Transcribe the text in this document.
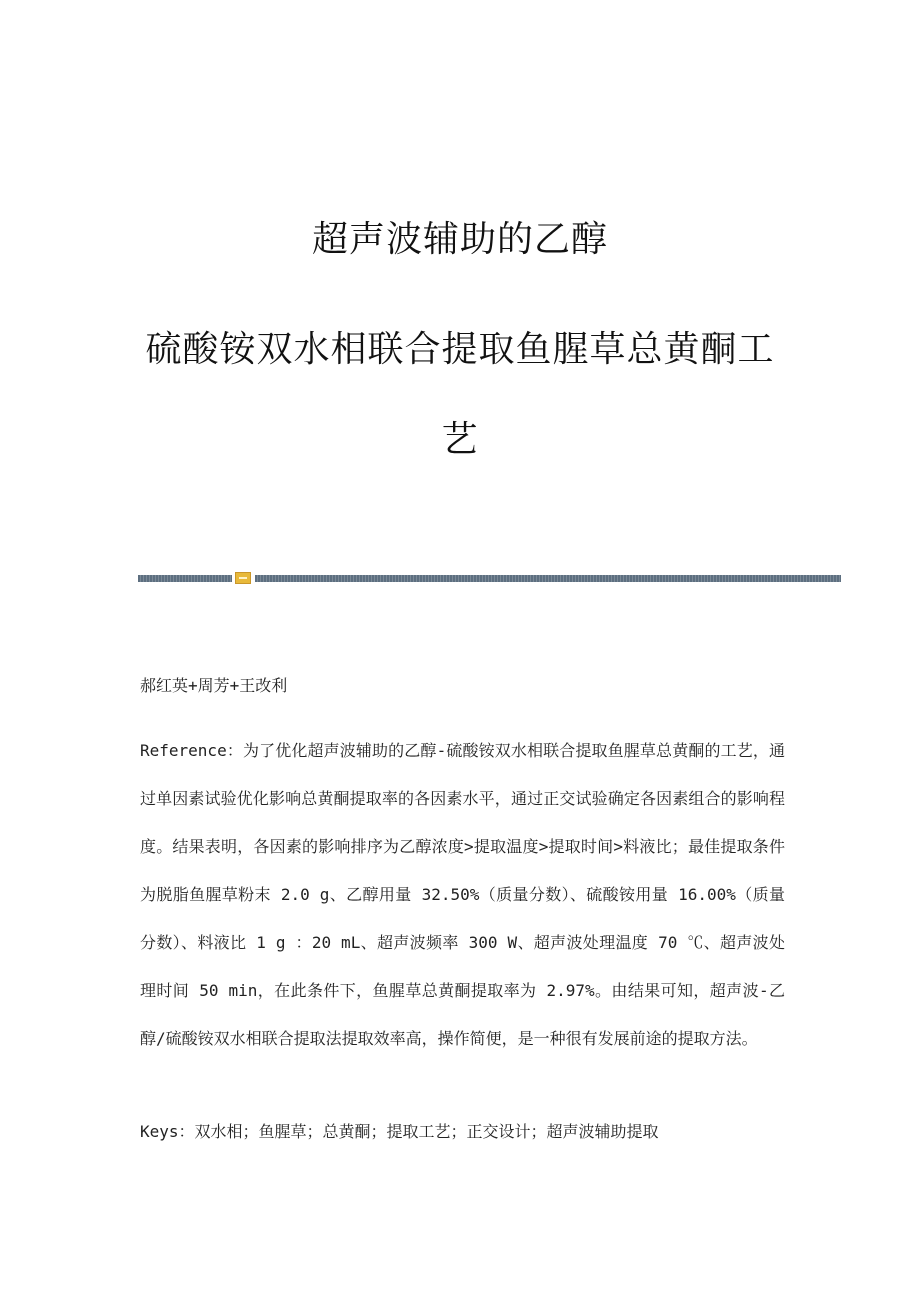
超声波辅助的乙醇
硫酸铵双水相联合提取鱼腥草总黄酮工
艺
郝红英+周芳+王改利
Reference：为了优化超声波辅助的乙醇-硫酸铵双水相联合提取鱼腥草总黄酮的工艺，通过单因素试验优化影响总黄酮提取率的各因素水平，通过正交试验确定各因素组合的影响程度。结果表明，各因素的影响排序为乙醇浓度>提取温度>提取时间>料液比；最佳提取条件为脱脂鱼腥草粉末 2.0 g、乙醇用量 32.50%（质量分数）、硫酸铵用量 16.00%（质量分数）、料液比 1 g ：20 mL、超声波频率 300 W、超声波处理温度 70 ℃、超声波处理时间 50 min，在此条件下，鱼腥草总黄酮提取率为 2.97%。由结果可知，超声波-乙醇/硫酸铵双水相联合提取法提取效率高，操作简便，是一种很有发展前途的提取方法。
Keys：双水相；鱼腥草；总黄酮；提取工艺；正交设计；超声波辅助提取
